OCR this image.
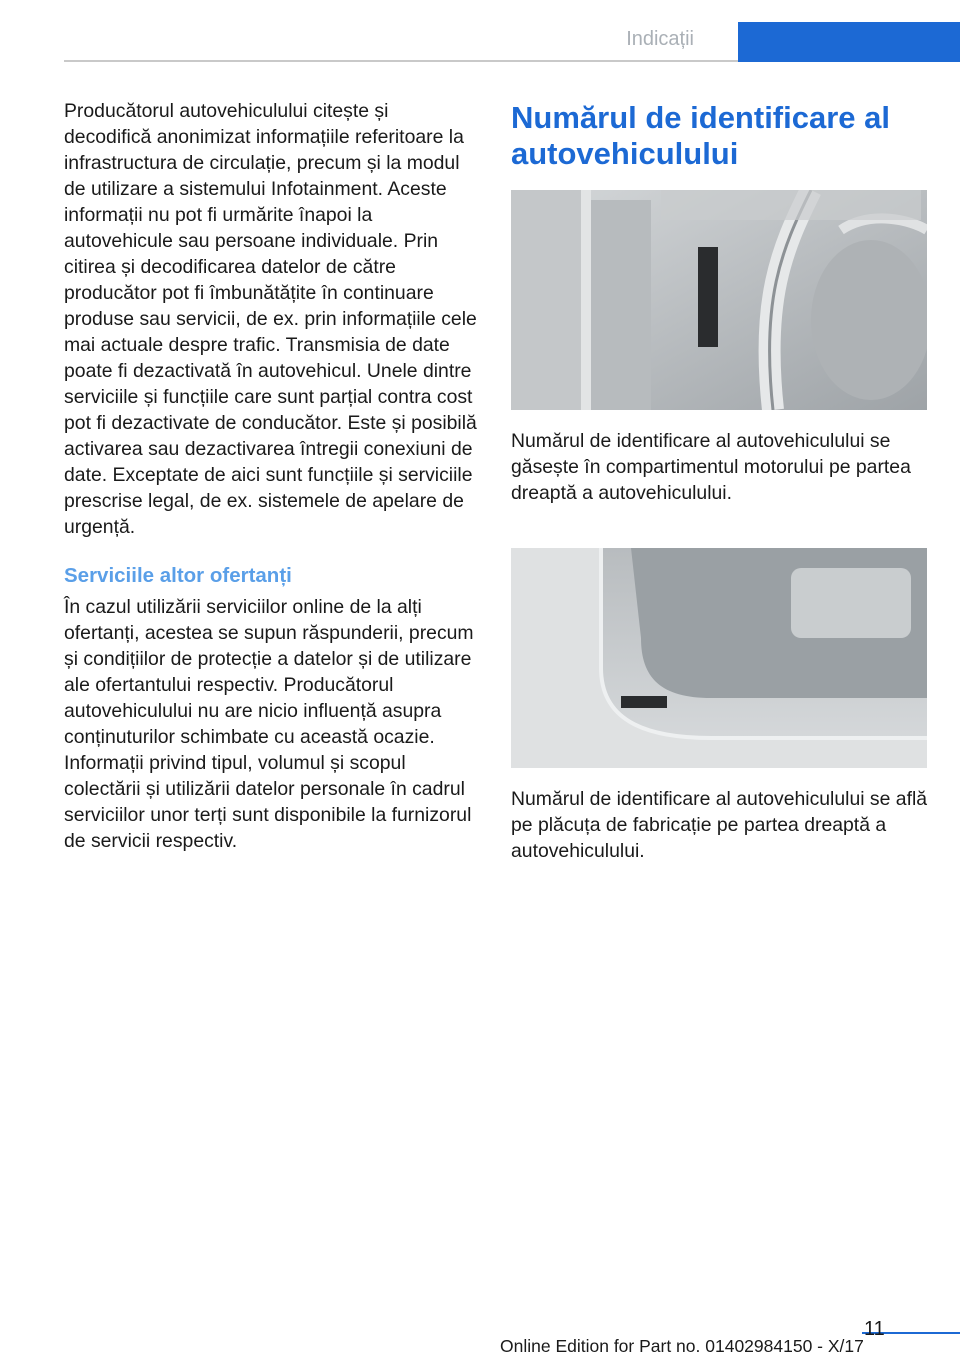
Indicații

Producătorul autovehiculului citește și decodifică anonimizat informațiile referitoare la infrastructura de circulație, precum și la modul de utilizare a sistemului Infotainment. Aceste informații nu pot fi urmărite înapoi la autovehicule sau persoane individuale. Prin citirea și decodificarea datelor de către producător pot fi îmbunătățite în continuare produse sau servicii, de ex. prin informațiile cele mai actuale despre trafic. Transmisia de date poate fi dezactivată în autovehicul. Unele dintre serviciile și funcțiile care sunt parțial contra cost pot fi dezactivate de conducător. Este și posibilă activarea sau dezactivarea întregii conexiuni de date. Exceptate de aici sunt funcțiile și serviciile prescrise legal, de ex. sistemele de apelare de urgență.

Serviciile altor ofertanți

În cazul utilizării serviciilor online de la alți ofertanți, acestea se supun răspunderii, precum și condițiilor de protecție a datelor și de utilizare ale ofertantului respectiv. Producătorul autovehiculului nu are nicio influență asupra conținuturilor schimbate cu această ocazie. Informații privind tipul, volumul și scopul colectării și utilizării datelor personale în cadrul serviciilor unor terți sunt disponibile la furnizorul de servicii respectiv.

Numărul de identificare al autovehiculului

Numărul de identificare al autovehiculului se găsește în compartimentul motorului pe partea dreaptă a autovehiculului.

Numărul de identificare al autovehiculului se află pe plăcuța de fabricație pe partea dreaptă a autovehiculului.

11
Online Edition for Part no. 01402984150 - X/17
